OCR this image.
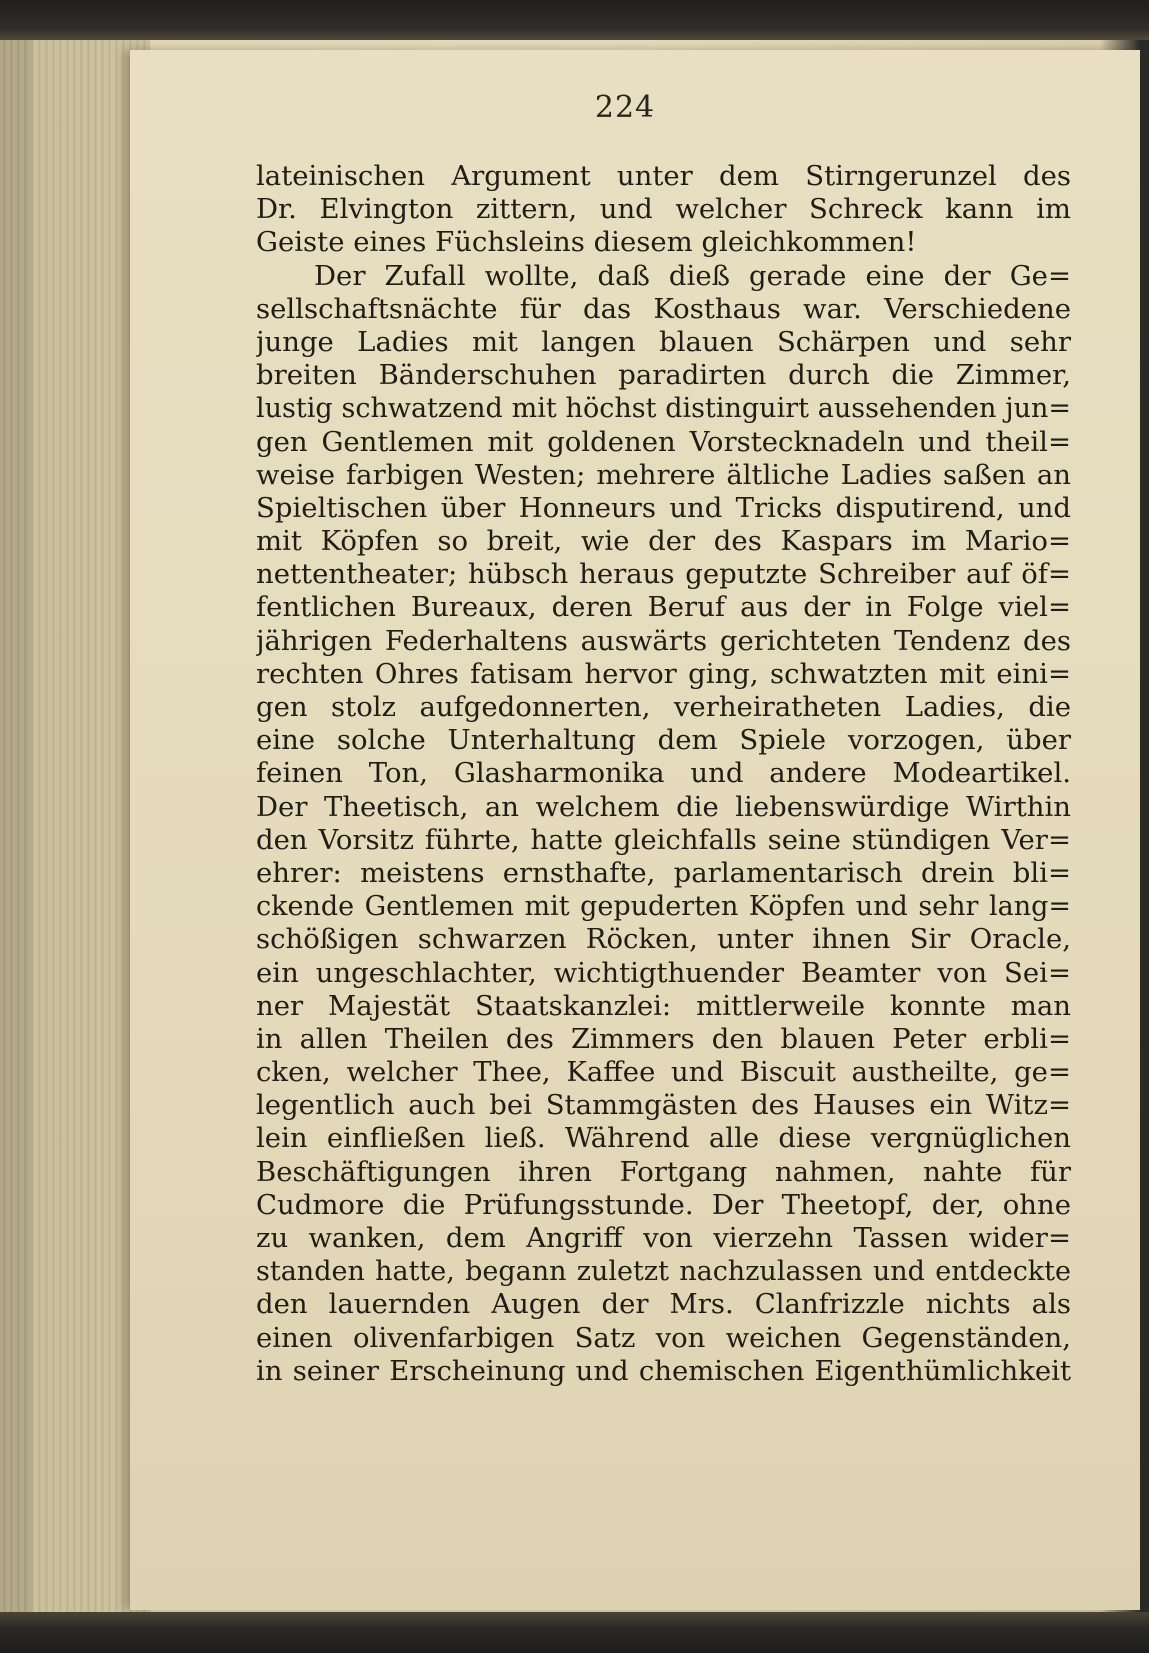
224
lateinischen Argument unter dem Stirngerunzel des
Dr. Elvington zittern, und welcher Schreck kann im
Geiste eines Füchsleins diesem gleichkommen!
Der Zufall wollte, daß dieß gerade eine der Ge=
sellschaftsnächte für das Kosthaus war. Verschiedene
junge Ladies mit langen blauen Schärpen und sehr
breiten Bänderschuhen paradirten durch die Zimmer,
lustig schwatzend mit höchst distinguirt aussehenden jun=
gen Gentlemen mit goldenen Vorstecknadeln und theil=
weise farbigen Westen; mehrere ältliche Ladies saßen an
Spieltischen über Honneurs und Tricks disputirend, und
mit Köpfen so breit, wie der des Kaspars im Mario=
nettentheater; hübsch heraus geputzte Schreiber auf öf=
fentlichen Bureaux, deren Beruf aus der in Folge viel=
jährigen Federhaltens auswärts gerichteten Tendenz des
rechten Ohres fatisam hervor ging, schwatzten mit eini=
gen stolz aufgedonnerten, verheiratheten Ladies, die
eine solche Unterhaltung dem Spiele vorzogen, über
feinen Ton, Glasharmonika und andere Modeartikel.
Der Theetisch, an welchem die liebenswürdige Wirthin
den Vorsitz führte, hatte gleichfalls seine stündigen Ver=
ehrer: meistens ernsthafte, parlamentarisch drein bli=
ckende Gentlemen mit gepuderten Köpfen und sehr lang=
schößigen schwarzen Röcken, unter ihnen Sir Oracle,
ein ungeschlachter, wichtigthuender Beamter von Sei=
ner Majestät Staatskanzlei: mittlerweile konnte man
in allen Theilen des Zimmers den blauen Peter erbli=
cken, welcher Thee, Kaffee und Biscuit austheilte, ge=
legentlich auch bei Stammgästen des Hauses ein Witz=
lein einfließen ließ. Während alle diese vergnüglichen
Beschäftigungen ihren Fortgang nahmen, nahte für
Cudmore die Prüfungsstunde. Der Theetopf, der, ohne
zu wanken, dem Angriff von vierzehn Tassen wider=
standen hatte, begann zuletzt nachzulassen und entdeckte
den lauernden Augen der Mrs. Clanfrizzle nichts als
einen olivenfarbigen Satz von weichen Gegenständen,
in seiner Erscheinung und chemischen Eigenthümlichkeit
